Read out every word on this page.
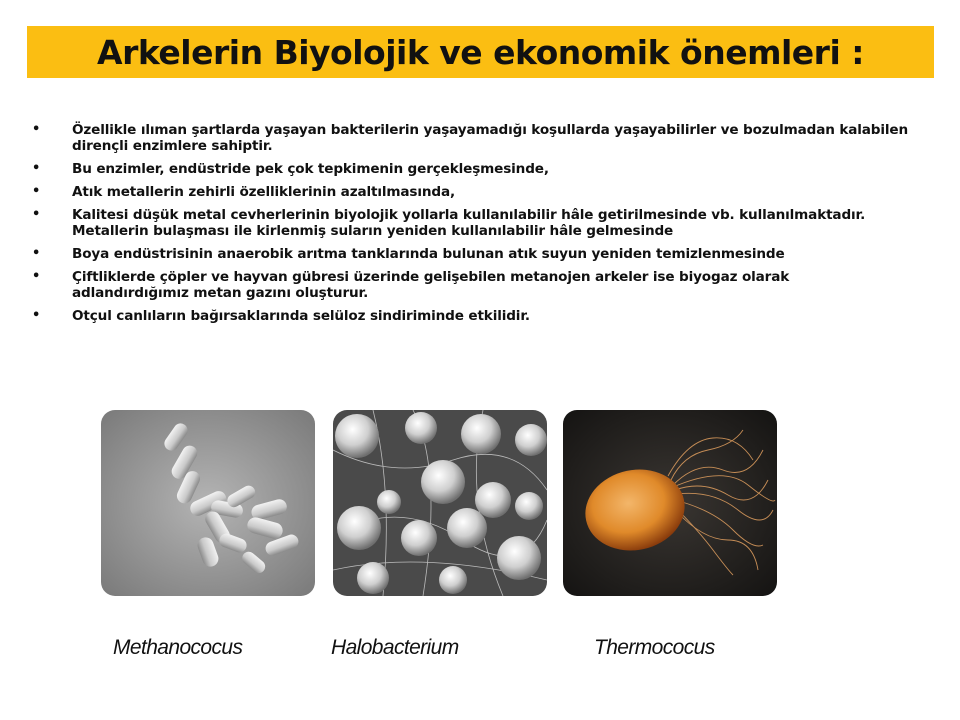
Arkelerin Biyolojik ve ekonomik önemleri :
• Özellikle ılıman şartlarda yaşayan bakterilerin yaşayamadığı koşullarda yaşayabilirler ve bozulmadan kalabilen dirençli enzimlere sahiptir.
• Bu enzimler, endüstride pek çok tepkimenin gerçekleşmesinde,
• Atık metallerin zehirli özelliklerinin azaltılmasında,
• Kalitesi düşük metal cevherlerinin biyolojik yollarla kullanılabilir hâle getirilmesinde vb. kullanılmaktadır. Metallerin bulaşması ile kirlenmiş suların yeniden kullanılabilir hâle gelmesinde
• Boya endüstrisinin anaerobik arıtma tanklarında bulunan atık suyun yeniden temizlenmesinde
• Çiftliklerde çöpler ve hayvan gübresi üzerinde gelişebilen metanojen arkeler ise biyogaz olarak adlandırdığımız metan gazını oluşturur.
• Otçul canlıların bağırsaklarında selüloz sindiriminde etkilidir.
Methanococus	Halobacterium	Thermococus
